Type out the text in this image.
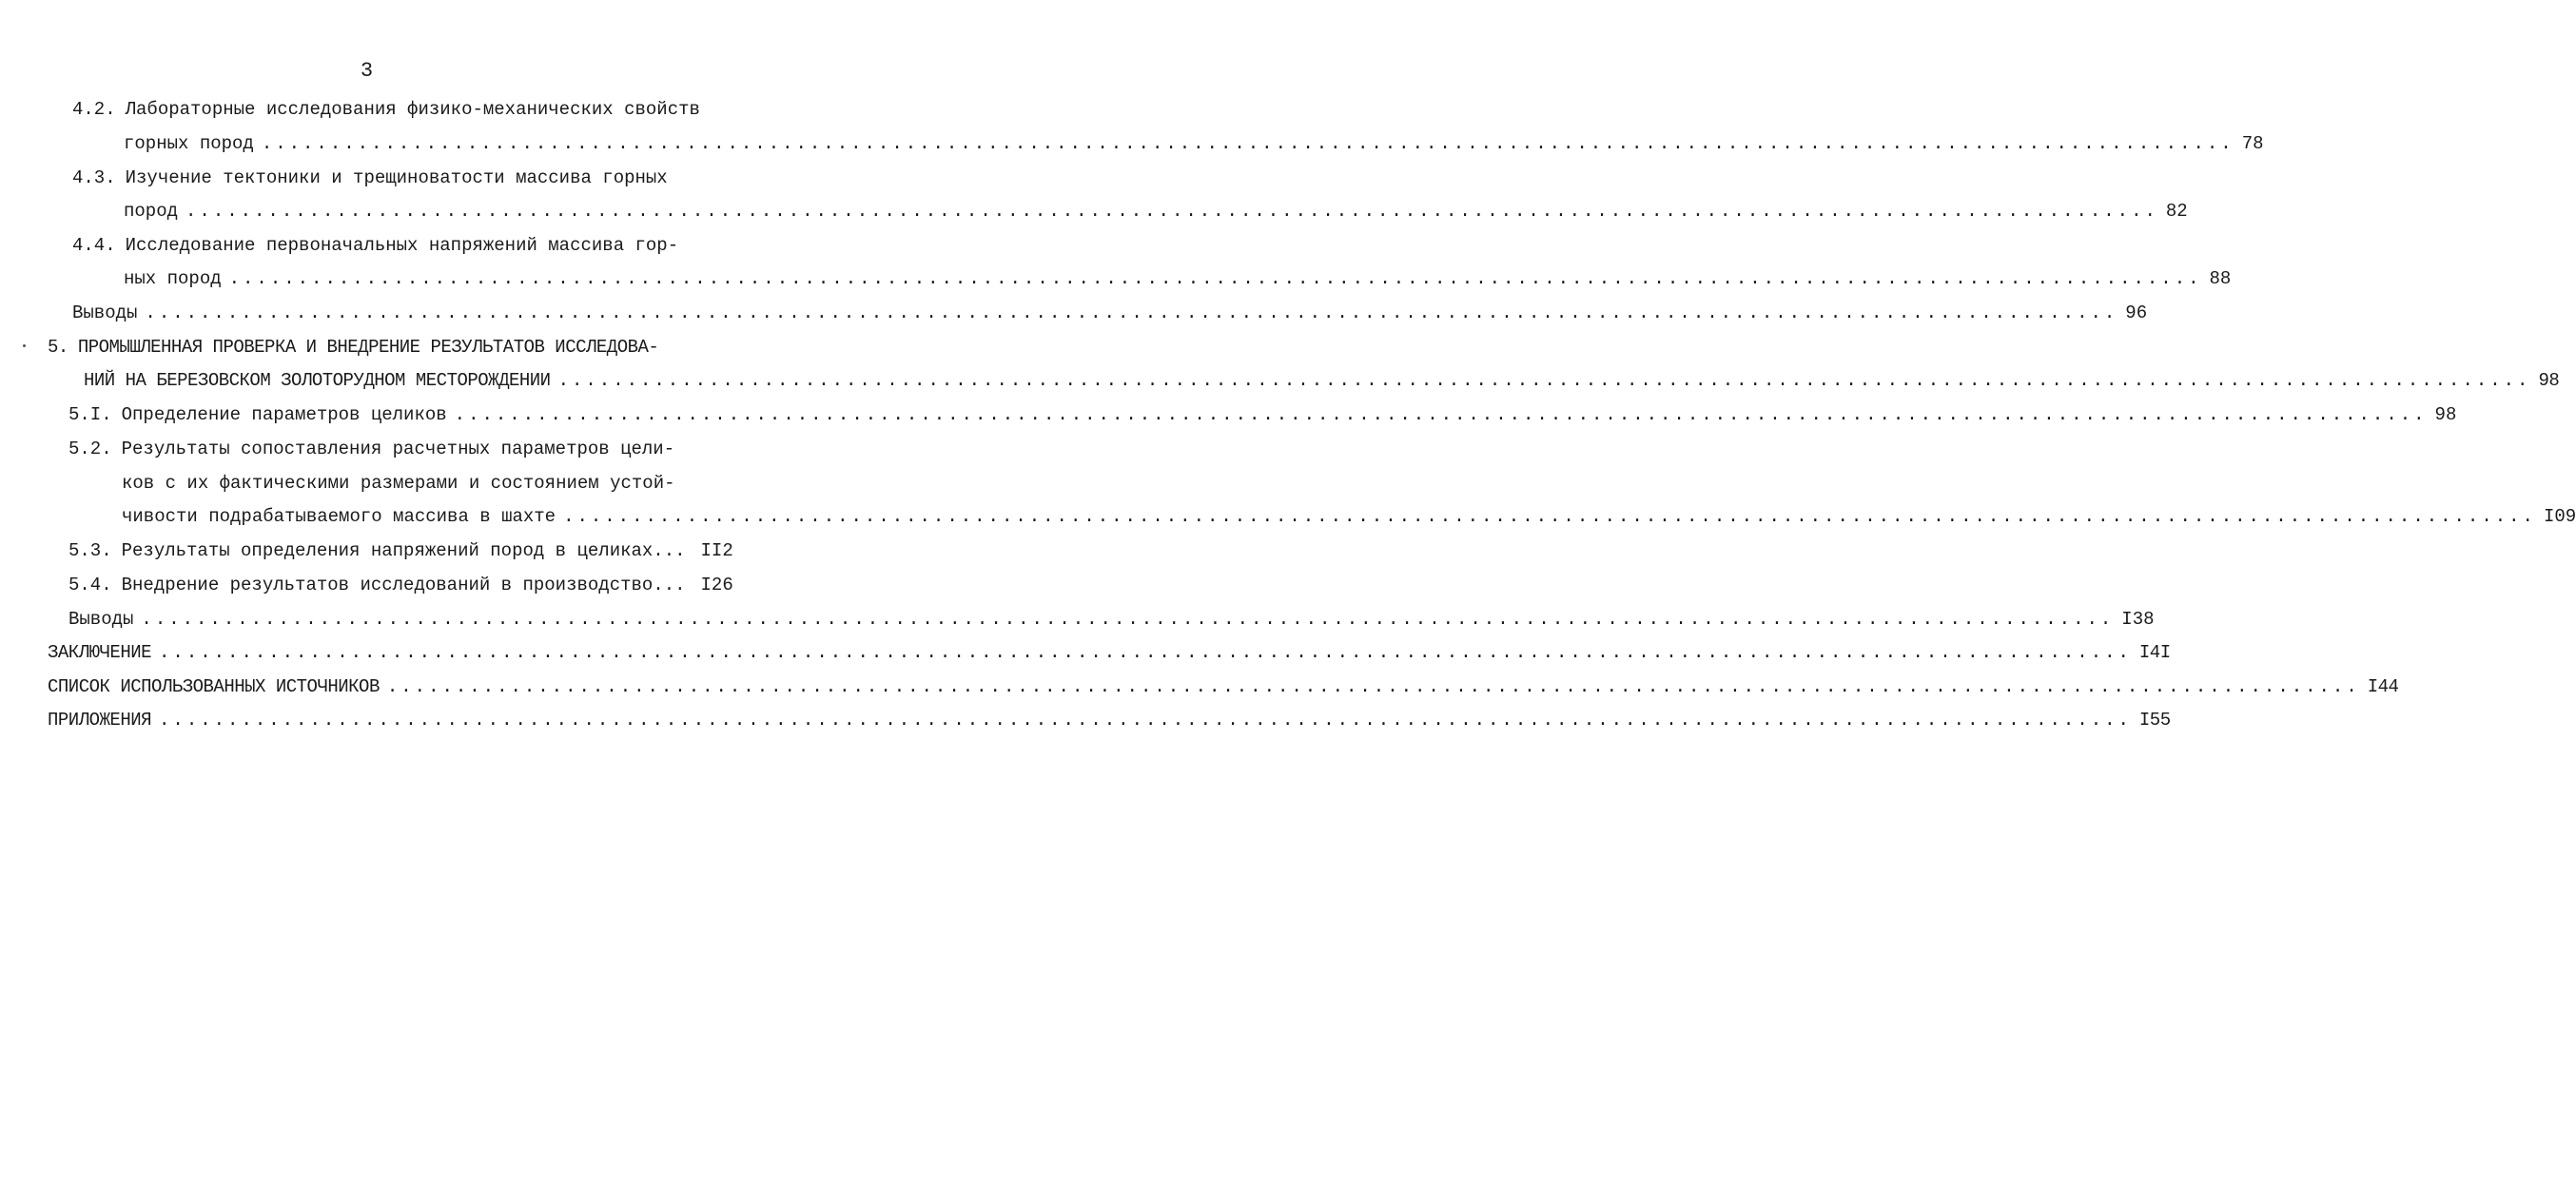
3
4.2. Лабораторные исследования физико-механических свойств
горных пород .....	78
4.3. Изучение тектоники и трещиноватости массива горных
пород .....	82
4.4. Исследование первоначальных напряжений массива гор-
ных пород .....	88
Выводы .....	96
5. ПРОМЫШЛЕННАЯ ПРОВЕРКА И ВНЕДРЕНИЕ РЕЗУЛЬТАТОВ ИССЛЕДОВА-
НИЙ НА БЕРЕЗОВСКОМ ЗОЛОТОРУДНОМ МЕСТОРОЖДЕНИИ .....	98
5.I. Определение параметров целиков .....	98
5.2. Результаты сопоставления расчетных параметров цели-
ков с их фактическими размерами и состоянием устой-
чивости подрабатываемого массива в шахте .....	I09
5.3. Результаты определения напряжений пород в целиках... II2
5.4. Внедрение результатов исследований в производство... I26
Выводы .....	I38
ЗАКЛЮЧЕНИЕ .....	I4I
СПИСОК ИСПОЛЬЗОВАННЫХ ИСТОЧНИКОВ .....	I44
ПРИЛОЖЕНИЯ .....	I55
